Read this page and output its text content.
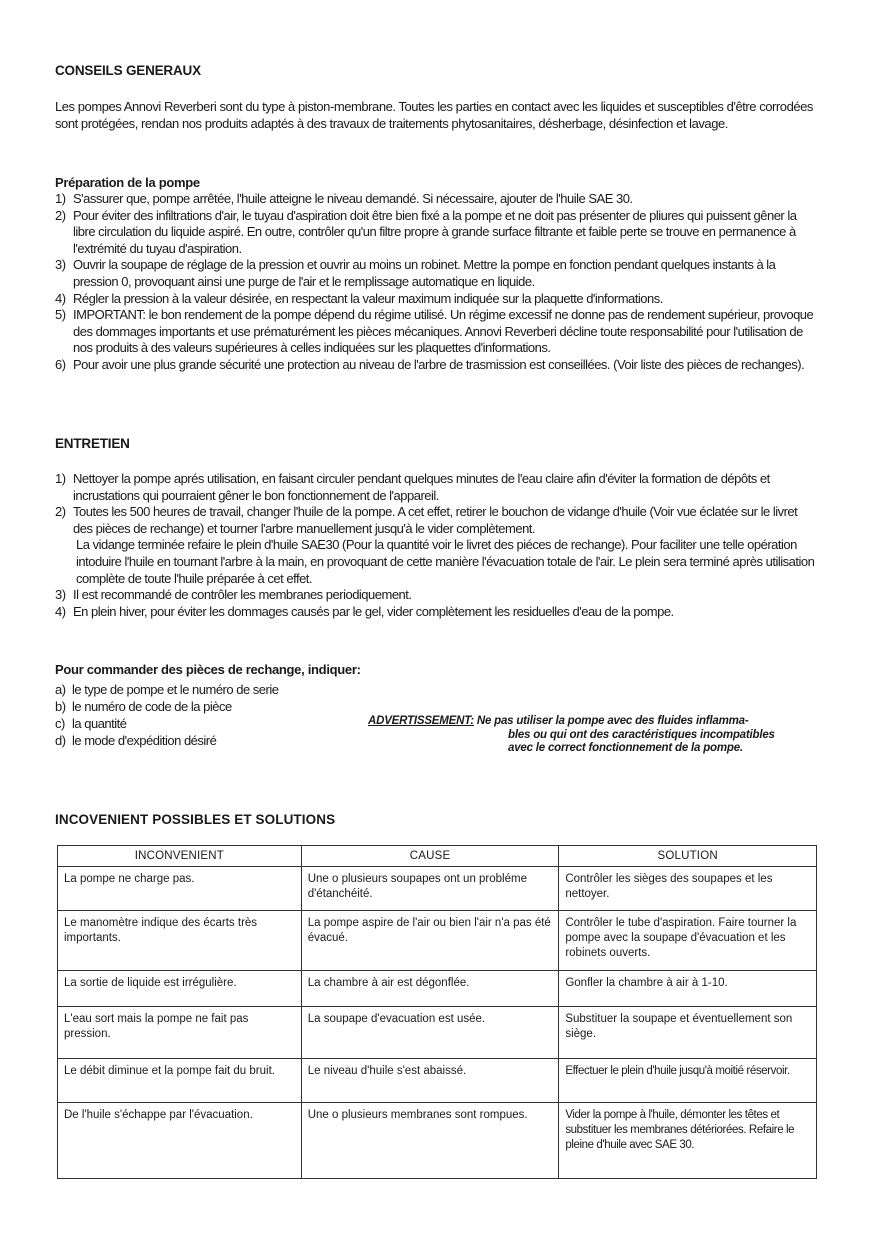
CONSEILS GENERAUX

Les pompes Annovi Reverberi sont du type à piston-membrane. Toutes les parties en contact avec les liquides et susceptibles d'être corrodées sont protégées, rendan nos produits adaptés à des travaux de traitements phytosanitaires, désherbage, désinfection et lavage.

Préparation de la pompe
1) S'assurer que, pompe arrêtée, l'huile atteigne le niveau demandé. Si nécessaire, ajouter de l'huile SAE 30.
2) Pour éviter des infiltrations d'air, le tuyau d'aspiration doit être bien fixé a la pompe et ne doit pas présenter de pliures qui puissent gêner la libre circulation du liquide aspiré. En outre, contrôler qu'un filtre propre à grande surface filtrante et faible perte se trouve en permanence à l'extrémité du tuyau d'aspiration.
3) Ouvrir la soupape de réglage de la pression et ouvrir au moins un robinet. Mettre la pompe en fonction pendant quelques instants à la pression 0, provoquant ainsi une purge de l'air et le remplissage automatique en liquide.
4) Régler la pression à la valeur désirée, en respectant la valeur maximum indiquée sur la plaquette d'informations.
5) IMPORTANT: le bon rendement de la pompe dépend du régime utilisé. Un régime excessif ne donne pas de rendement supérieur, provoque des dommages importants et use prématurément les pièces mécaniques. Annovi Reverberi décline toute responsabilité pour l'utilisation de nos produits à des valeurs supérieures à celles indiquées sur les plaquettes d'informations.
6) Pour avoir une plus grande sécurité une protection au niveau de l'arbre de trasmission est conseillées. (Voir liste des pièces de rechanges).
ENTRETIEN
1) Nettoyer la pompe aprés utilisation, en faisant circuler pendant quelques minutes de l'eau claire afin d'éviter la formation de dépôts et incrustations qui pourraient gêner le bon fonctionnement de l'appareil.
2) Toutes les 500 heures de travail, changer l'huile de la pompe. A cet effet, retirer le bouchon de vidange d'huile (Voir vue éclatée sur le livret des pièces de rechange) et tourner l'arbre manuellement jusqu'à le vider complètement.
La vidange terminée refaire le plein d'huile SAE30 (Pour la quantité voir le livret des piéces de rechange). Pour faciliter une telle opération intoduire l'huile en tournant l'arbre à la main, en provoquant de cette manière l'évacuation totale de l'air. Le plein sera terminé après utilisation complète de toute l'huile préparée à cet effet.
3) Il est recommandé de contrôler les membranes periodiquement.
4) En plein hiver, pour éviter les dommages causés par le gel, vider complètement les residuelles d'eau de la pompe.
Pour commander des pièces de rechange, indiquer:
a) le type de pompe et le numéro de serie
b) le numéro de code de la pièce
c) la quantité
d) le mode d'expédition désiré
ADVERTISSEMENT: Ne pas utiliser la pompe avec des fluides inflamma-
bles ou qui ont des caractéristiques incompatibles
avec le correct fonctionnement de la pompe.
INCOVENIENT POSSIBLES ET SOLUTIONS
INCONVENIENT	CAUSE	SOLUTION
La pompe ne charge pas.	Une o plusieurs soupapes ont un probléme d'étanchéité.	Contrôler les sièges des soupapes et les nettoyer.
Le manomètre indique des écarts très importants.	La pompe aspire de l'air ou bien l'air n'a pas été évacué.	Contrôler le tube d'aspiration. Faire tourner la pompe avec la soupape d'évacuation et les robinets ouverts.
La sortie de liquide est irrégulière.	La chambre à air est dégonflée.	Gonfler la chambre à air à 1-10.
L'eau sort mais la pompe ne fait pas pression.	La soupape d'evacuation est usée.	Substituer la soupape et éventuellement son siège.
Le débit diminue et la pompe fait du bruit.	Le niveau d'huile s'est abaissé.	Effectuer le plein d'huile jusqu'à moitié réservoir.
De l'huile s'échappe par l'évacuation.	Une o plusieurs membranes sont rompues.	Vider la pompe à l'huile, démonter les têtes et substituer les membranes détériorées. Refaire le pleine d'huile avec SAE 30.
